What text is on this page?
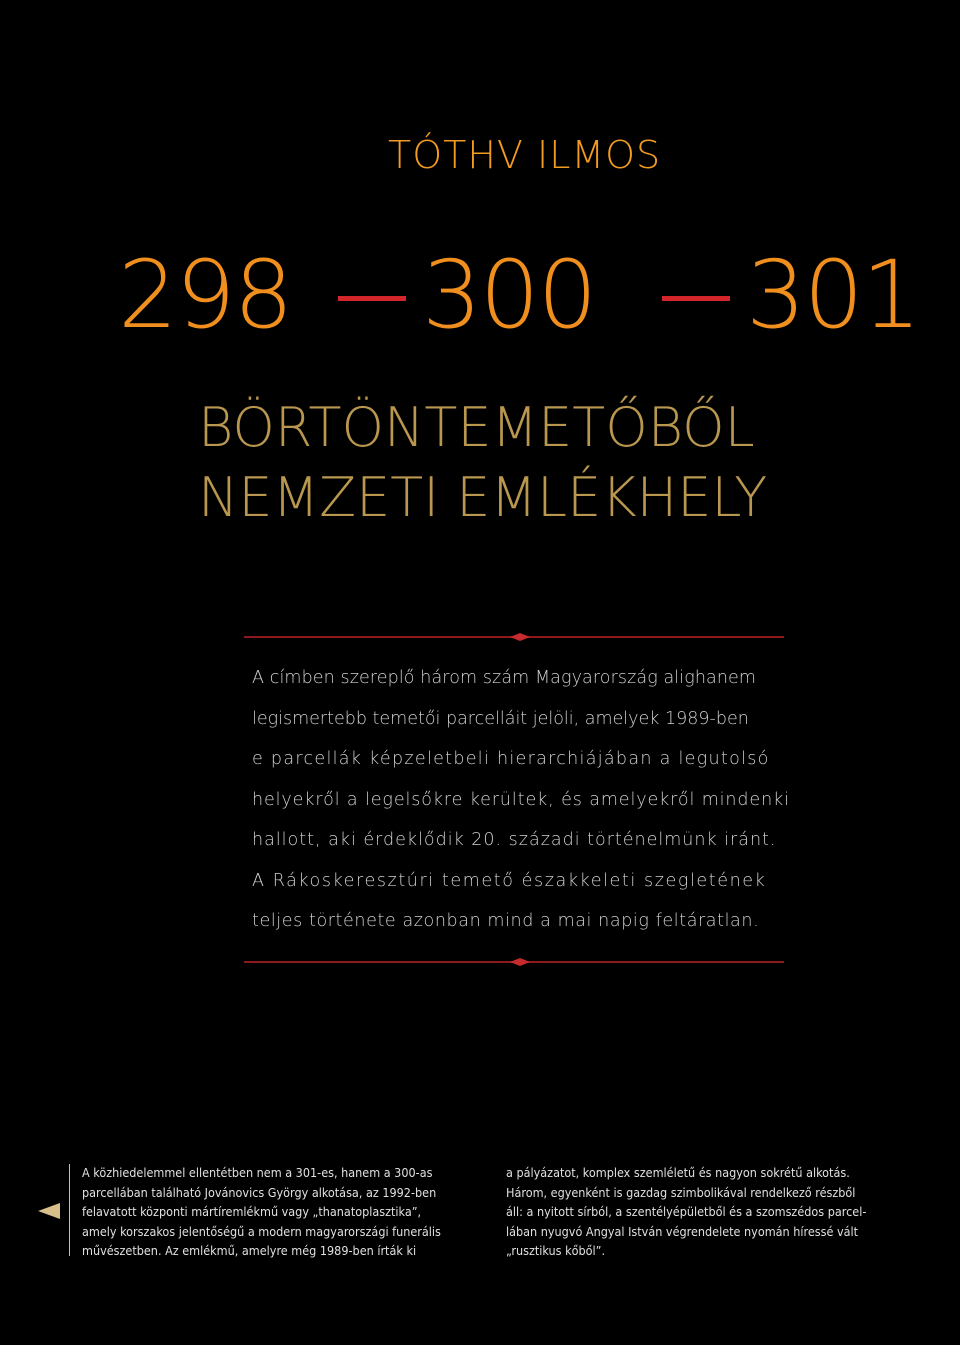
TÓTHV ILMOS
298 300 301
BÖRTÖNTEMETŐBŐL
NEMZETI EMLÉKHELY

A címben szereplő három szám Magyarország alighanem

legismertebb temetői parcelláit jelöli, amelyek 1989-ben

e parcellák képzeletbeli hierarchiájában a legutolsó

helyekről a legelsőkre kerültek, és amelyekről mindenki

hallott, aki érdeklődik 20. századi történelmünk iránt.

A Rákoskeresztúri temető északkeleti szegletének

teljes története azonban mind a mai napig feltáratlan.

A közhiedelemmel ellentétben nem a 301-es, hanem a 300-as

parcellában található Jovánovics György alkotása, az 1992-ben

felavatott központi mártíremlékmű vagy „thanatoplasztika”,

amely korszakos jelentőségű a modern magyarországi funerális

művészetben. Az emlékmű, amelyre még 1989-ben írták ki

a pályázatot, komplex szemléletű és nagyon sokrétű alkotás.

Három, egyenként is gazdag szimbolikával rendelkező részből

áll: a nyitott sírból, a szentélyépületből és a szomszédos parcel-

lában nyugvó Angyal István végrendelete nyomán híressé vált

„rusztikus kőből”.
